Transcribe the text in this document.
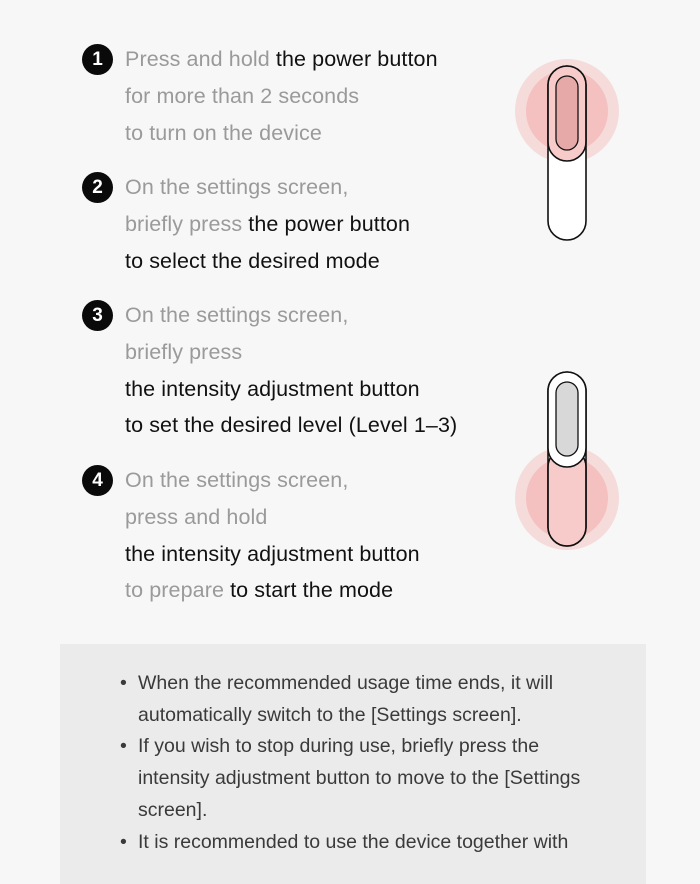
1	Press and hold the power button
for more than 2 seconds
to turn on the device
2	On the settings screen,
briefly press the power button
to select the desired mode
3	On the settings screen,
briefly press
the intensity adjustment button
to set the desired level (Level 1–3)
4	On the settings screen,
press and hold
the intensity adjustment button
to prepare to start the mode
• When the recommended usage time ends, it will automatically switch to the [Settings screen].
• If you wish to stop during use, briefly press the intensity adjustment button to move to the [Settings screen].
• It is recommended to use the device together with
